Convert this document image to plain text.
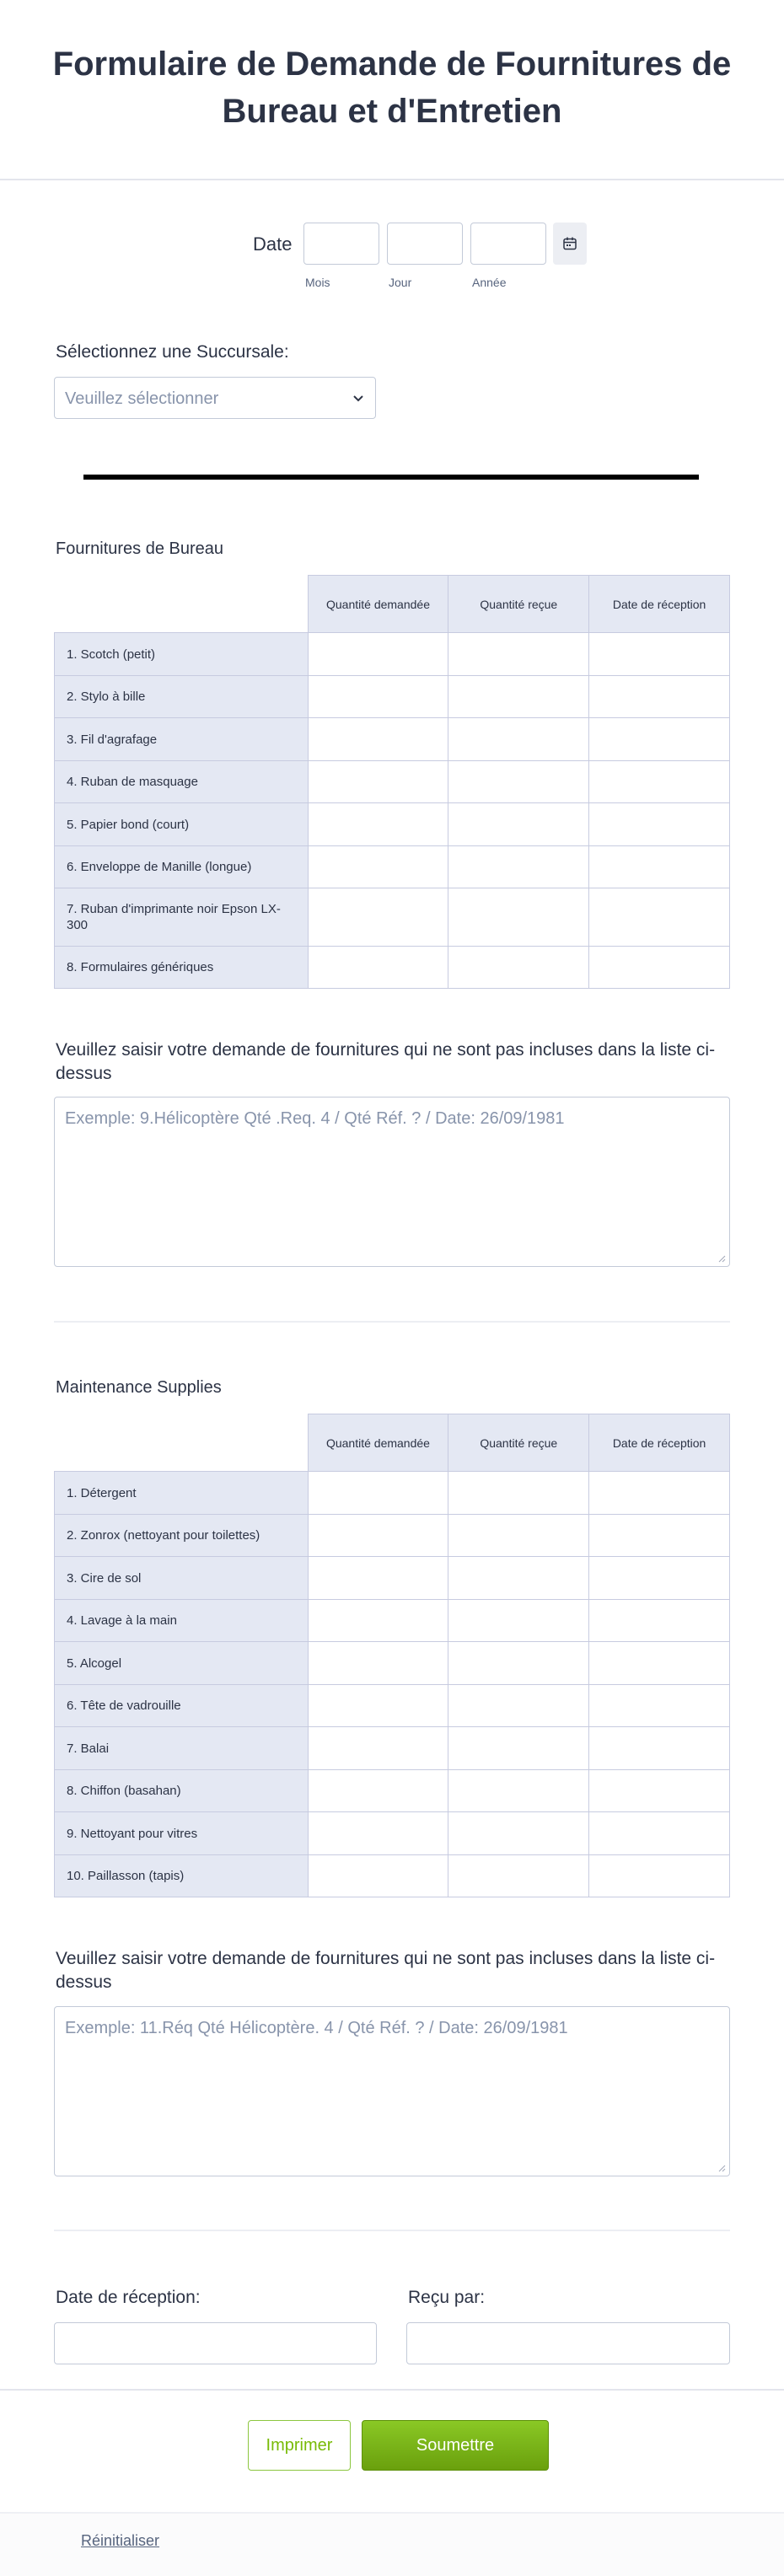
Formulaire de Demande de Fournitures de Bureau et d'Entretien
Date
Mois	Jour	Année
Sélectionnez une Succursale:
Veuillez sélectionner
Fournitures de Bureau
	Quantité demandée	Quantité reçue	Date de réception
1. Scotch (petit)			
2. Stylo à bille			
3. Fil d'agrafage			
4. Ruban de masquage			
5. Papier bond (court)			
6. Enveloppe de Manille (longue)			
7. Ruban d'imprimante noir Epson LX-300			
8. Formulaires génériques			
Veuillez saisir votre demande de fournitures qui ne sont pas incluses dans la liste ci-dessus
Exemple: 9.Hélicoptère Qté .Req. 4 / Qté Réf. ? / Date: 26/09/1981
Maintenance Supplies
	Quantité demandée	Quantité reçue	Date de réception
1. Détergent			
2. Zonrox (nettoyant pour toilettes)			
3. Cire de sol			
4. Lavage à la main			
5. Alcogel			
6. Tête de vadrouille			
7. Balai			
8. Chiffon (basahan)			
9. Nettoyant pour vitres			
10. Paillasson (tapis)			
Veuillez saisir votre demande de fournitures qui ne sont pas incluses dans la liste ci-dessus
Exemple: 11.Réq Qté Hélicoptère. 4 / Qté Réf. ? / Date: 26/09/1981
Date de réception:	Reçu par:
Imprimer	Soumettre
Réinitialiser
